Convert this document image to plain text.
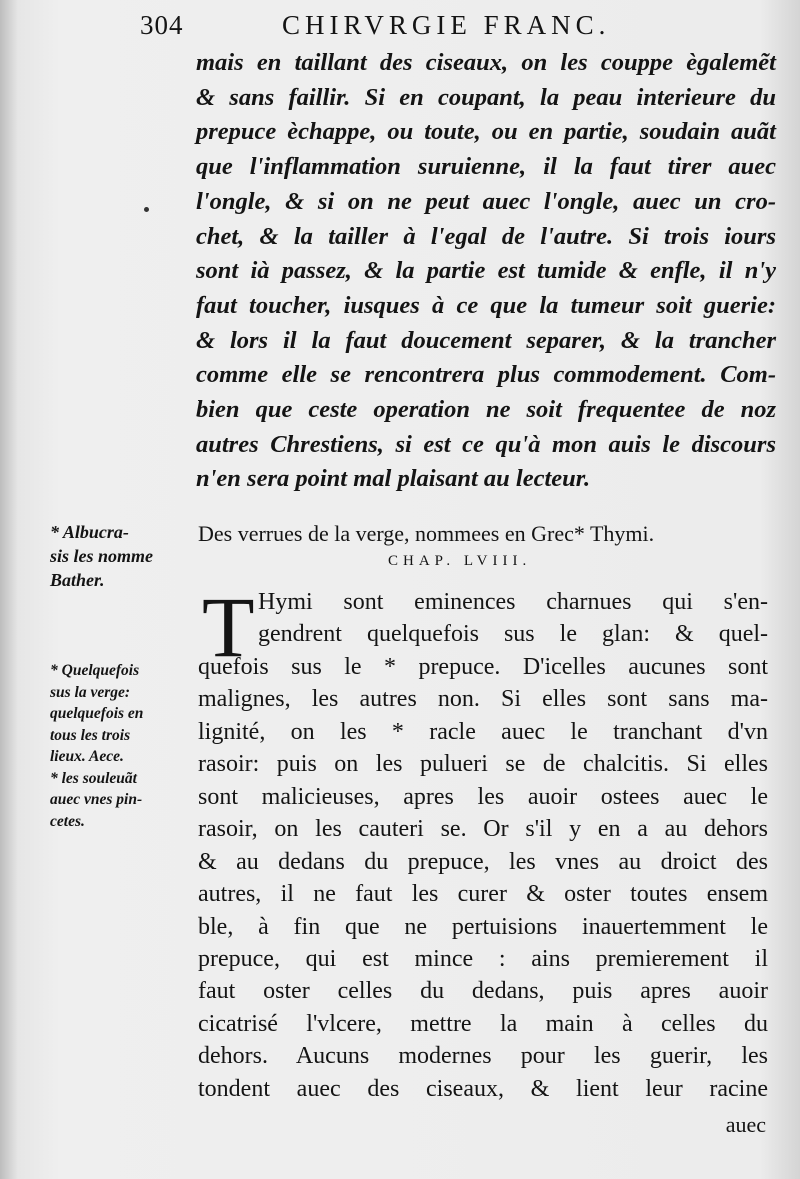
304	CHIRVRGIE FRANC.
mais en taillant des ciseaux, on les couppe ègalemẽt
& sans faillir. Si en coupant, la peau interieure du
prepuce èchappe, ou toute, ou en partie, soudain auãt
que l'inflammation suruienne, il la faut tirer auec
l'ongle, & si on ne peut auec l'ongle, auec un cro-
chet, & la tailler à l'egal de l'autre. Si trois iours
sont ià passez, & la partie est tumide & enfle, il n'y
faut toucher, iusques à ce que la tumeur soit guerie:
& lors il la faut doucement separer, & la trancher
comme elle se rencontrera plus commodement. Com-
bien que ceste operation ne soit frequentee de noz
autres Chrestiens, si est ce qu'à mon auis le discours
n'en sera point mal plaisant au lecteur.
* Albucra-
sis les nomme
Bather.
Des verrues de la verge, nommees en Grec* Thymi.
CHAP. LVIII.
T Hymi sont eminences charnues qui s'en-
gendrent quelquefois sus le glan: & quel-
quefois sus le * prepuce. D'icelles aucunes sont
malignes, les autres non. Si elles sont sans ma-
lignité, on les * racle auec le tranchant d'vn
rasoir: puis on les pulueri se de chalcitis. Si elles
sont malicieuses, apres les auoir ostees auec le
rasoir, on les cauteri se. Or s'il y en a au dehors
& au dedans du prepuce, les vnes au droict des
autres, il ne faut les curer & oster toutes ensem
ble, à fin que ne pertuisions inauertemment le
prepuce, qui est mince : ains premierement il
faut oster celles du dedans, puis apres auoir
cicatrisé l'vlcere, mettre la main à celles du
dehors. Aucuns modernes pour les guerir, les
tondent auec des ciseaux, & lient leur racine
* Quelquefois
sus la verge:
quelquefois en
tous les trois
lieux. Aece.
* les souleuãt
auec vnes pin-
cetes.
auec
